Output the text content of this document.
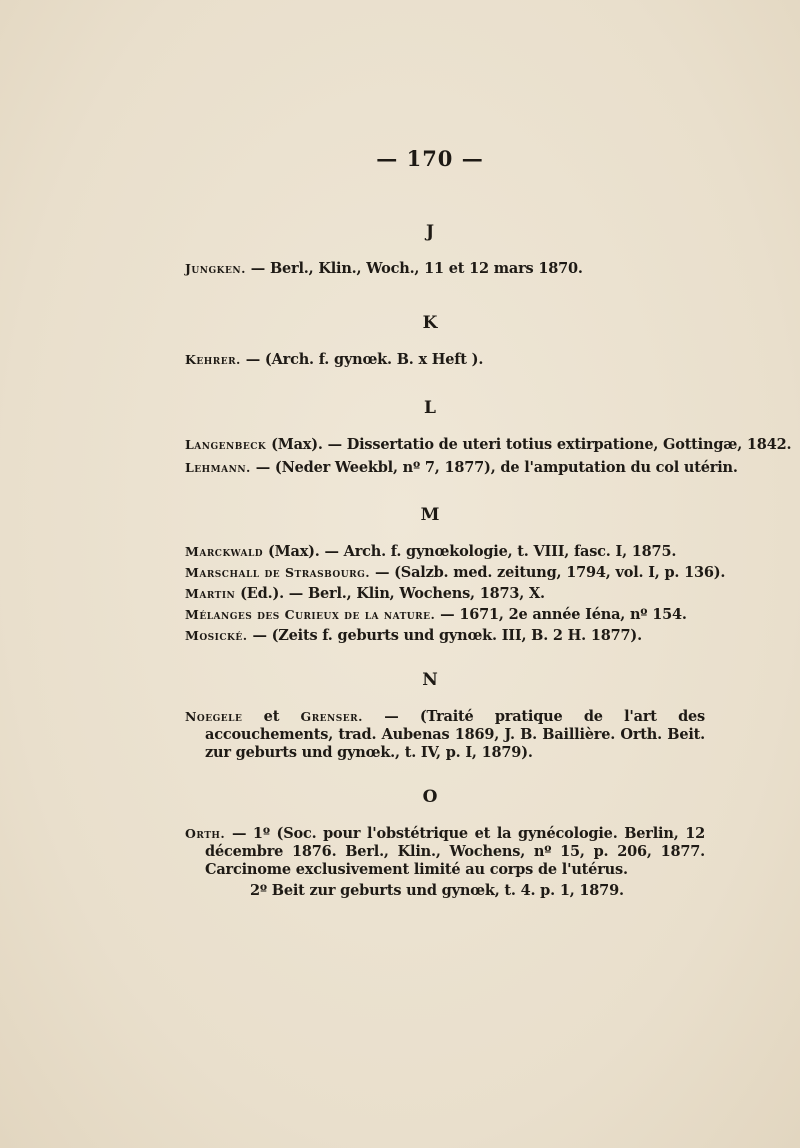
— 170 —
J
Jungken. — Berl., Klin., Woch., 11 et 12 mars 1870.
K
Kehrer. — (Arch. f. gynœk. B. x Heft ).
L
Langenbeck (Max). — Dissertatio de uteri totius extirpatione, Gottingæ, 1842.
Lehmann. — (Neder Weekbl, nº 7, 1877), de l'amputation du col utérin.
M
Marckwald (Max). — Arch. f. gynœkologie, t. VIII, fasc. I, 1875.
Marschall de Strasbourg. — (Salzb. med. zeitung, 1794, vol. I, p. 136).
Martin (Ed.). — Berl., Klin, Wochens, 1873, X.
Mélanges des Curieux de la nature. — 1671, 2e année Iéna, nº 154.
Mosické. — (Zeits f. geburts und gynœk. III, B. 2 H. 1877).
N
Noegele et Grenser. — (Traité pratique de l'art des accouchements, trad. Aubenas 1869, J. B. Baillière. Orth. Beit. zur geburts und gynœk., t. IV, p. I, 1879).
O
Orth. — 1º (Soc. pour l'obstétrique et la gynécologie. Berlin, 12 décembre 1876. Berl., Klin., Wochens, nº 15, p. 206, 1877. Carcinome exclusivement limité au corps de l'utérus.
2º Beit zur geburts und gynœk, t. 4. p. 1, 1879.
